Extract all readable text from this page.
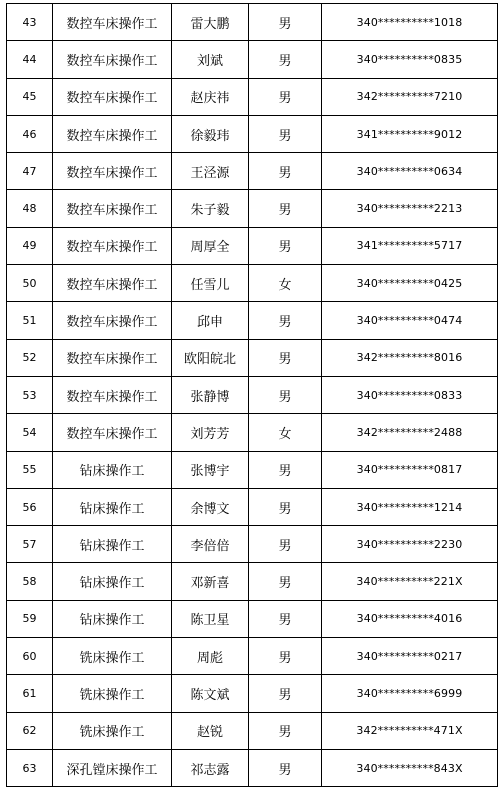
43	数控车床操作工	雷大鹏	男	340**********1018
44	数控车床操作工	刘斌	男	340**********0835
45	数控车床操作工	赵庆祎	男	342**********7210
46	数控车床操作工	徐毅玮	男	341**********9012
47	数控车床操作工	王泾源	男	340**********0634
48	数控车床操作工	朱子毅	男	340**********2213
49	数控车床操作工	周厚全	男	341**********5717
50	数控车床操作工	任雪儿	女	340**********0425
51	数控车床操作工	邱申	男	340**********0474
52	数控车床操作工	欧阳皖北	男	342**********8016
53	数控车床操作工	张静博	男	340**********0833
54	数控车床操作工	刘芳芳	女	342**********2488
55	钻床操作工	张博宇	男	340**********0817
56	钻床操作工	余博文	男	340**********1214
57	钻床操作工	李倍倍	男	340**********2230
58	钻床操作工	邓新喜	男	340**********221X
59	钻床操作工	陈卫星	男	340**********4016
60	铣床操作工	周彪	男	340**********0217
61	铣床操作工	陈文斌	男	340**********6999
62	铣床操作工	赵锐	男	342**********471X
63	深孔镗床操作工	祁志露	男	340**********843X
